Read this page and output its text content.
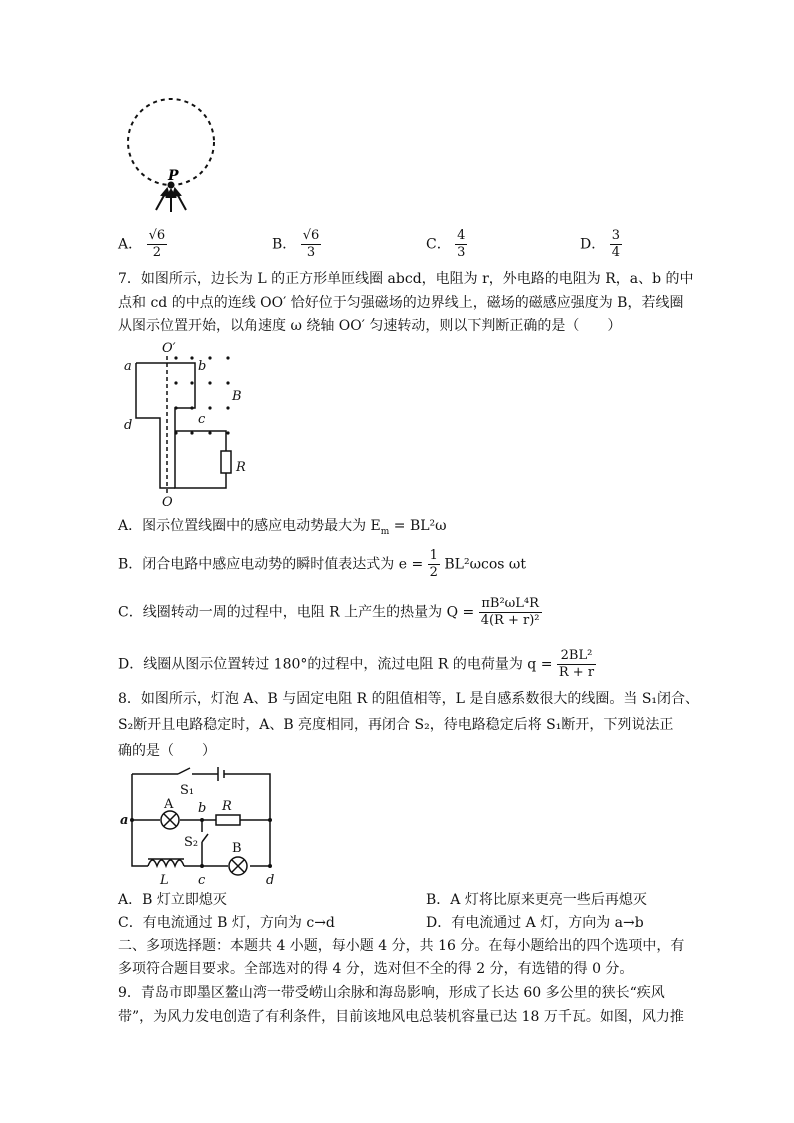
P
A． $\frac{√6}{2}$	B． $\frac{√6}{3}$	C． $\frac{4}{3}$	D． $\frac{3}{4}$
7．如图所示，边长为 L 的正方形单匝线圈 abcd，电阻为 r，外电路的电阻为 R，a、b 的中
点和 cd 的中点的连线 OO′ 恰好位于匀强磁场的边界线上，磁场的磁感应强度为 B，若线圈
从图示位置开始，以角速度 ω 绕轴 OO′ 匀速转动，则以下判断正确的是（　　）
O′
a	b
B
c
d
R
O
A．图示位置线圈中的感应电动势最大为 $E_m = BL^2\omega$
B．闭合电路中感应电动势的瞬时值表达式为 $e = \frac{1}{2} BL^2\omega\cos$ ωt
C．线圈转动一周的过程中，电阻 R 上产生的热量为 $Q = \frac{\text{πB²ωL⁴R}}{\text{4(R + r)²}}$
D．线圈从图示位置转过 180°的过程中，流过电阻 R 的电荷量为 $q = \frac{\text{2BL²}}{R + r}$
8．如图所示，灯泡 A、B 与固定电阻 R 的阻值相等，L 是自感系数很大的线圈。当 S₁闭合、
S₂断开且电路稳定时，A、B 亮度相同，再闭合 S₂，待电路稳定后将 S₁断开，下列说法正
确的是（　　）
S₁
A b R
a
S₂	B
L c	d
A．B 灯立即熄灭	B．A 灯将比原来更亮一些后再熄灭
C．有电流通过 B 灯，方向为 c→d	D．有电流通过 A 灯，方向为 a→b
二、多项选择题：本题共 4 小题，每小题 4 分，共 16 分。在每小题给出的四个选项中，有
多项符合题目要求。全部选对的得 4 分，选对但不全的得 2 分，有选错的得 0 分。
9．青岛市即墨区鳌山湾一带受崂山余脉和海岛影响，形成了长达 60 多公里的狭长“疾风
带”，为风力发电创造了有利条件，目前该地风电总装机容量已达 18 万千瓦。如图，风力推
